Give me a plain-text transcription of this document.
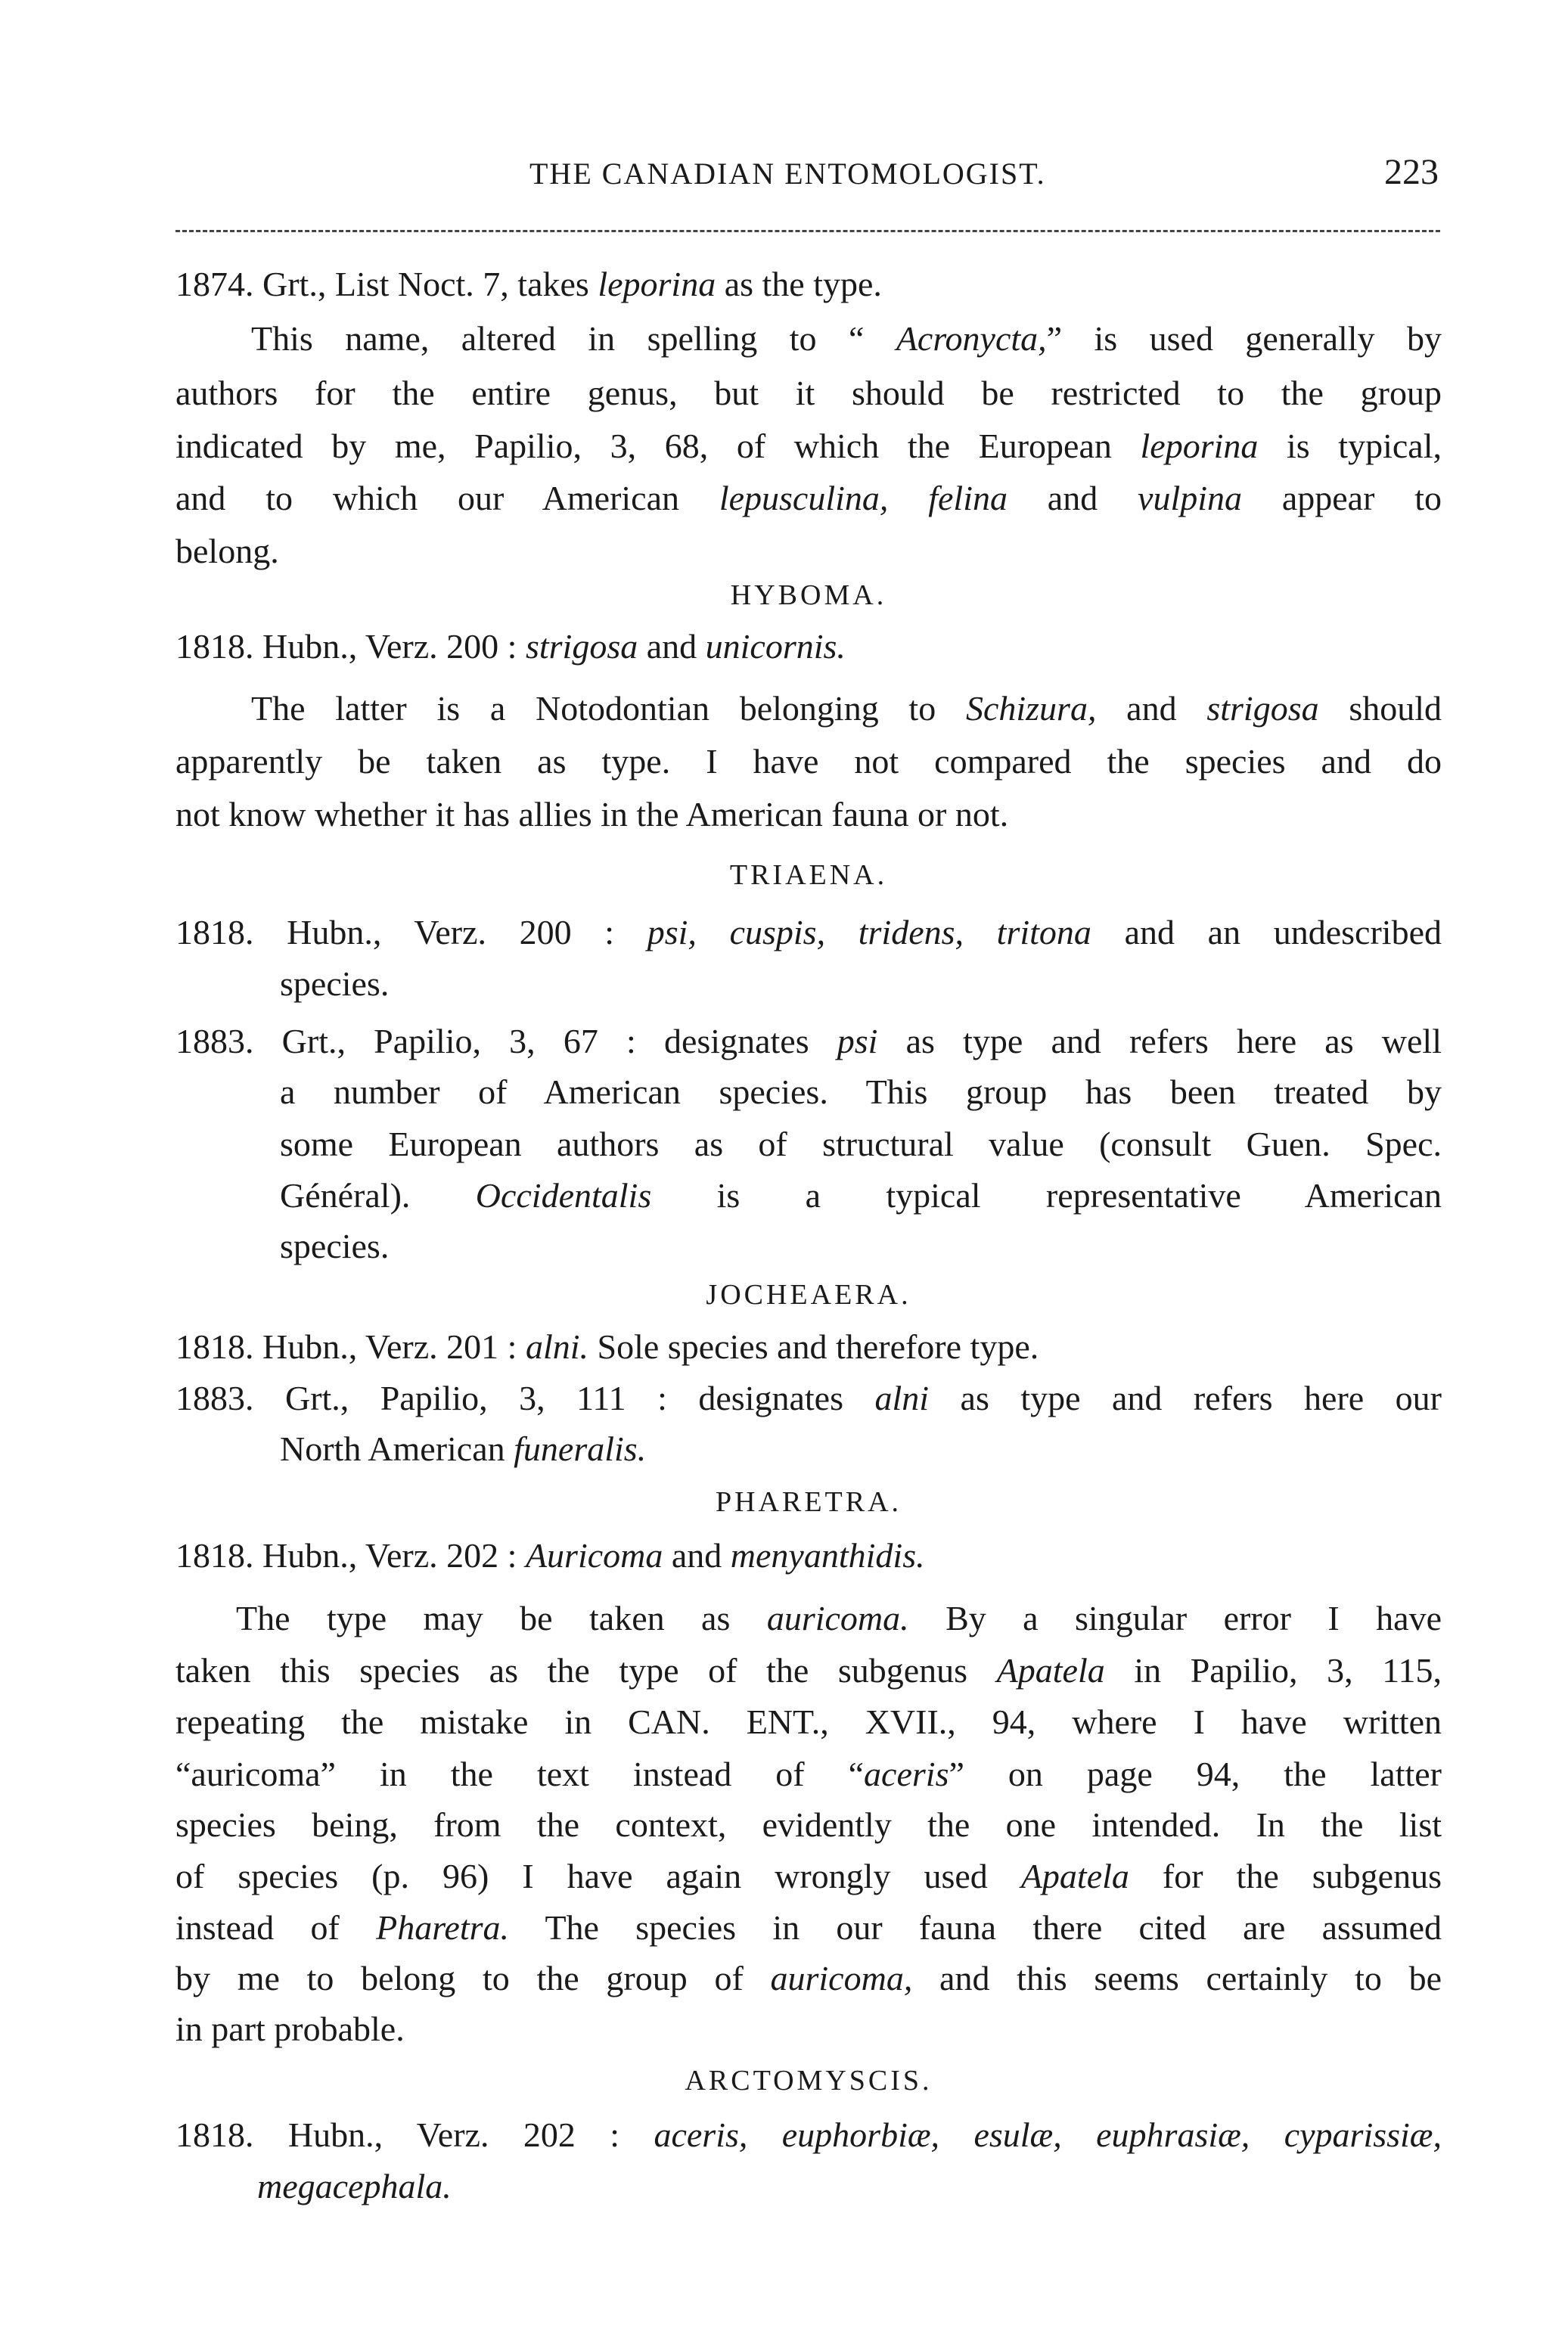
THE CANADIAN ENTOMOLOGIST.	223
1874. Grt., List Noct. 7, takes leporina as the type.
This name, altered in spelling to “ Acronycta,” is used generally by
authors for the entire genus, but it should be restricted to the group
indicated by me, Papilio, 3, 68, of which the European leporina is typical,
and to which our American lepusculina, felina and vulpina appear to
belong.
HYBOMA.
1818. Hubn., Verz. 200 : strigosa and unicornis.
The latter is a Notodontian belonging to Schizura, and strigosa should
apparently be taken as type. I have not compared the species and do
not know whether it has allies in the American fauna or not.
TRIAENA.
1818. Hubn., Verz. 200 : psi, cuspis, tridens, tritona and an undescribed
species.
1883. Grt., Papilio, 3, 67 : designates psi as type and refers here as well
a number of American species. This group has been treated by
some European authors as of structural value (consult Guen. Spec.
Général). Occidentalis is a typical representative American
species.
JOCHEAERA.
1818. Hubn., Verz. 201 : alni. Sole species and therefore type.
1883. Grt., Papilio, 3, 111 : designates alni as type and refers here our
North American funeralis.
PHARETRA.
1818. Hubn., Verz. 202 : Auricoma and menyanthidis.
The type may be taken as auricoma. By a singular error I have
taken this species as the type of the subgenus Apatela in Papilio, 3, 115,
repeating the mistake in CAN. ENT., XVII., 94, where I have written
“auricoma” in the text instead of “aceris” on page 94, the latter
species being, from the context, evidently the one intended. In the list
of species (p. 96) I have again wrongly used Apatela for the subgenus
instead of Pharetra. The species in our fauna there cited are assumed
by me to belong to the group of auricoma, and this seems certainly to be
in part probable.
ARCTOMYSCIS.
1818. Hubn., Verz. 202 : aceris, euphorbiæ, esulæ, euphrasiæ, cyparissiæ,
megacephala.
